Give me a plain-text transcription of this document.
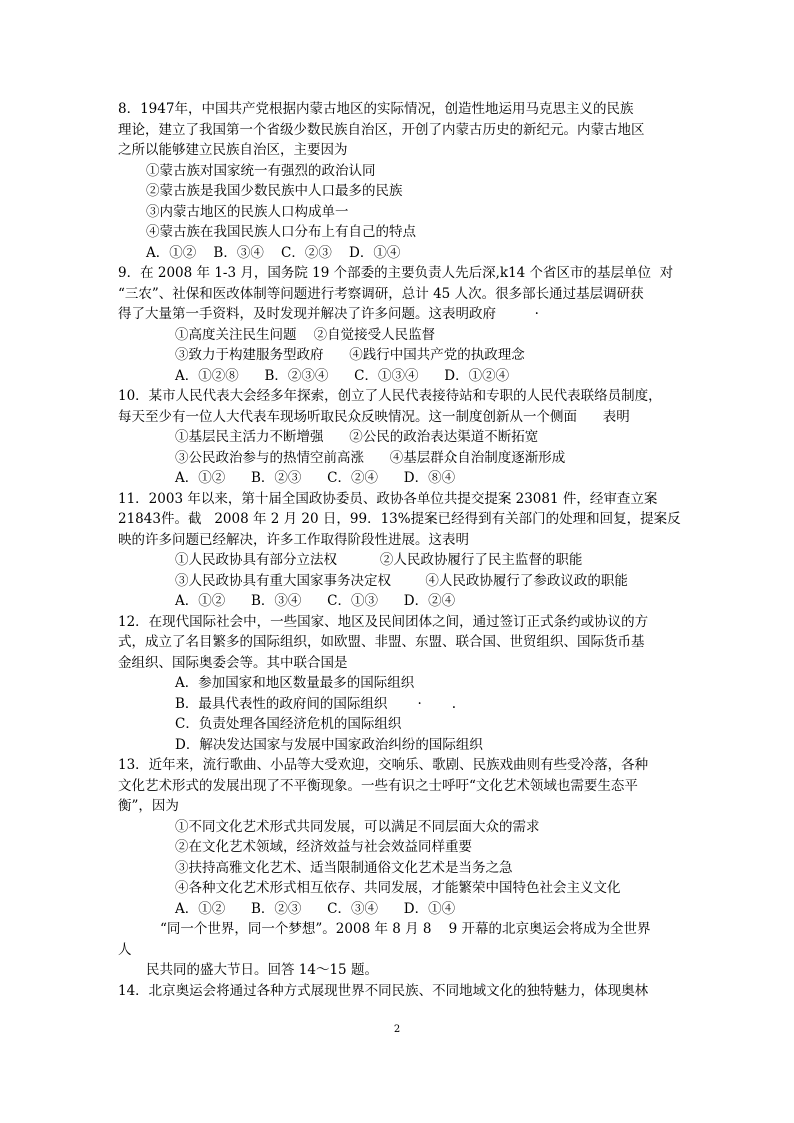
8．1947年，中国共产党根据内蒙古地区的实际情况，创造性地运用马克思主义的民族
理论，建立了我国第一个省级少数民族自治区，开创了内蒙古历史的新纪元。内蒙古地区
之所以能够建立民族自治区，主要因为
①蒙古族对国家统一有强烈的政治认同
②蒙古族是我国少数民族中人口最多的民族
③内蒙古地区的民族人口构成单一
④蒙古族在我国民族人口分布上有自己的特点
A．①②    B．③④    C．②③    D．①④
9．在 2008 年 1-3 月，国务院 19 个部委的主要负责人先后深,k14 个省区市的基层单位  对
“三农”、社保和医改体制等问题进行考察调研，总计 45 人次。很多部长通过基层调研获
得了大量第一手资料，及时发现并解决了许多问题。这表明政府         ·
①高度关注民生问题    ②自觉接受人民监督
③致力于构建服务型政府      ④践行中国共产党的执政理念
A．①②⑧      B．②③④      C．①③④      D．①②④
10．某市人民代表大会经多年探索，创立了人民代表接待站和专职的人民代表联络员制度，
每天至少有一位人大代表车现场听取民众反映情况。这一制度创新从一个侧面      表明
①基层民主活力不断增强      ②公民的政治表达渠道不断拓宽
③公民政治参与的热情空前高涨      ④基层群众自治制度逐渐形成
A．①②      B．②③      C．②④      D．⑧④
11．2003 年以来，第十届全国政协委员、政协各单位共提交提案 23081 件，经审查立案
21843件。截   2008 年 2 月 20 日，99．13%提案已经得到有关部门的处理和回复，提案反
映的许多问题已经解决，许多工作取得阶段性进展。这表明
①人民政协具有部分立法权          ②人民政协履行了民主监督的职能
③人民政协具有重大国家事务决定权        ④人民政协履行了参政议政的职能
A．①②      B．③④      C．①③      D．②④
12．在现代国际社会中，一些国家、地区及民间团体之间，通过签订正式条约或协议的方
式，成立了名目繁多的国际组织，如欧盟、非盟、东盟、联合国、世贸组织、国际货币基
金组织、国际奥委会等。其中联合国是
A．参加国家和地区数量最多的国际组织
B．最具代表性的政府间的国际组织       ·       .
C．负责处理各国经济危机的国际组织
D．解决发达国家与发展中国家政治纠纷的国际组织
13．近年来，流行歌曲、小品等大受欢迎，交响乐、歌剧、民族戏曲则有些受冷落，各种
文化艺术形式的发展出现了不平衡现象。一些有识之士呼吁“文化艺术领域也需要生态平
衡”，因为
①不同文化艺术形式共同发展，可以满足不同层面大众的需求
②在文化艺术领域，经济效益与社会效益同样重要
③扶持高雅文化艺术、适当限制通俗文化艺术是当务之急
④各种文化艺术形式相互依存、共同发展，才能繁荣中国特色社会主义文化
A．①②      B．②③      C．③④      D．①④
“同一个世界，同一个梦想”。2008 年 8 月 8    9 开幕的北京奥运会将成为全世界
人
民共同的盛大节日。回答 14～15 题。
14．北京奥运会将通过各种方式展现世界不同民族、不同地域文化的独特魅力，体现奥林
2
